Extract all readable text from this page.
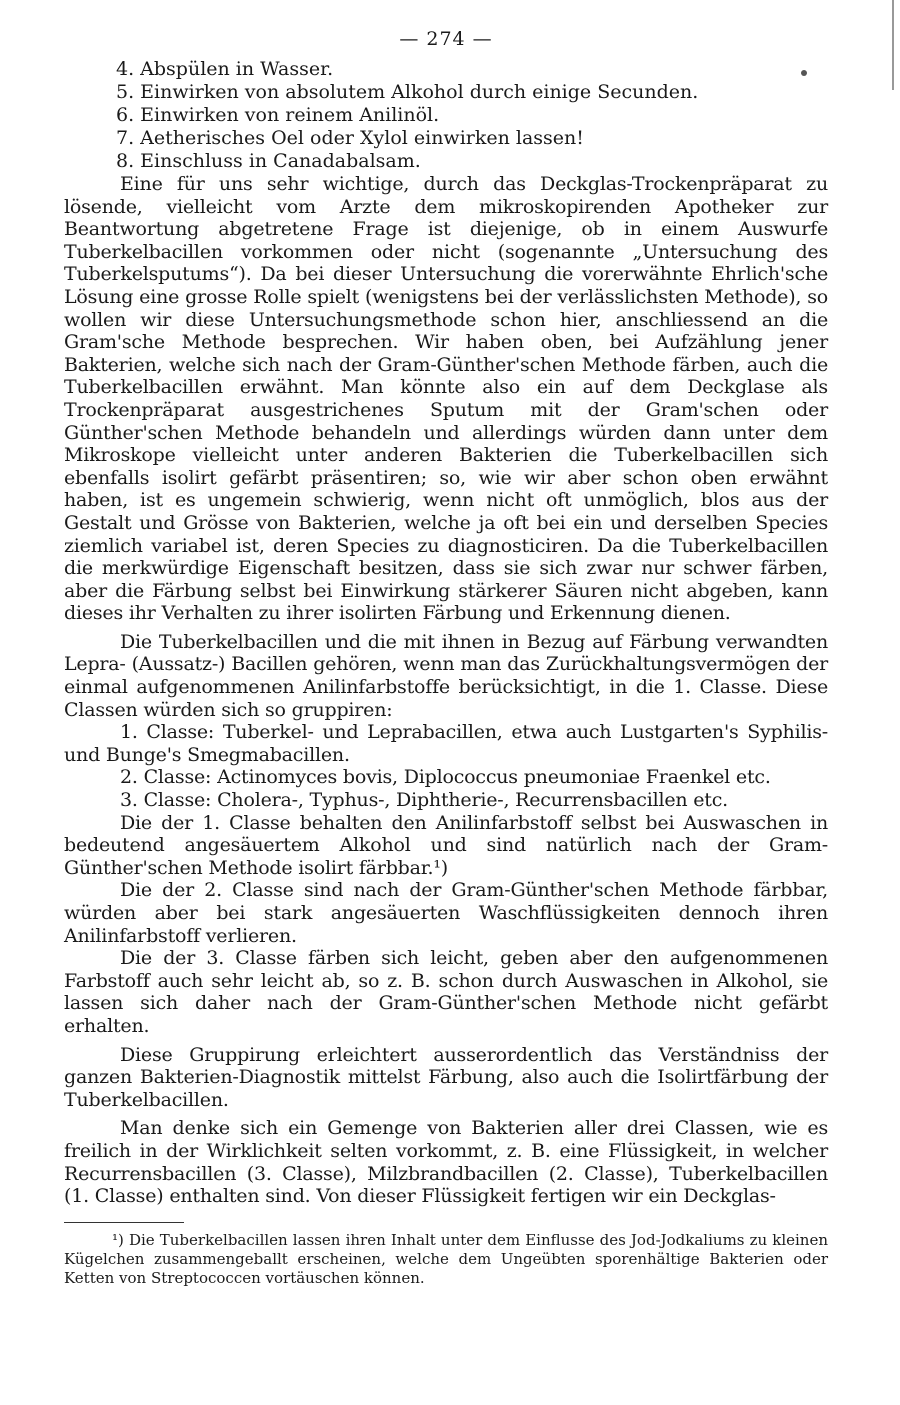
— 274 —
4. Abspülen in Wasser.
5. Einwirken von absolutem Alkohol durch einige Secunden.
6. Einwirken von reinem Anilinöl.
7. Aetherisches Oel oder Xylol einwirken lassen!
8. Einschluss in Canadabalsam.

Eine für uns sehr wichtige, durch das Deckglas-Trockenpräparat zu lösende, vielleicht vom Arzte dem mikroskopirenden Apotheker zur Beantwortung abgetretene Frage ist diejenige, ob in einem Auswurfe Tuberkelbacillen vorkommen oder nicht (sogenannte „Untersuchung des Tuberkelsputums“). Da bei dieser Untersuchung die vorerwähnte Ehrlich'sche Lösung eine grosse Rolle spielt (wenigstens bei der verlässlichsten Methode), so wollen wir diese Untersuchungsmethode schon hier, anschliessend an die Gram'sche Methode besprechen. Wir haben oben, bei Aufzählung jener Bakterien, welche sich nach der Gram-Günther'schen Methode färben, auch die Tuberkelbacillen erwähnt. Man könnte also ein auf dem Deckglase als Trockenpräparat ausgestrichenes Sputum mit der Gram'schen oder Günther'schen Methode behandeln und allerdings würden dann unter dem Mikroskope vielleicht unter anderen Bakterien die Tuberkelbacillen sich ebenfalls isolirt gefärbt präsentiren; so, wie wir aber schon oben erwähnt haben, ist es ungemein schwierig, wenn nicht oft unmöglich, blos aus der Gestalt und Grösse von Bakterien, welche ja oft bei ein und derselben Species ziemlich variabel ist, deren Species zu diagnosticiren. Da die Tuberkelbacillen die merkwürdige Eigenschaft besitzen, dass sie sich zwar nur schwer färben, aber die Färbung selbst bei Einwirkung stärkerer Säuren nicht abgeben, kann dieses ihr Verhalten zu ihrer isolirten Färbung und Erkennung dienen.

Die Tuberkelbacillen und die mit ihnen in Bezug auf Färbung verwandten Lepra- (Aussatz-) Bacillen gehören, wenn man das Zurückhaltungsvermögen der einmal aufgenommenen Anilinfarbstoffe berücksichtigt, in die 1. Classe. Diese Classen würden sich so gruppiren:

1. Classe: Tuberkel- und Leprabacillen, etwa auch Lustgarten's Syphilis- und Bunge's Smegmabacillen.

2. Classe: Actinomyces bovis, Diplococcus pneumoniae Fraenkel etc.

3. Classe: Cholera-, Typhus-, Diphtherie-, Recurrensbacillen etc.

Die der 1. Classe behalten den Anilinfarbstoff selbst bei Auswaschen in bedeutend angesäuertem Alkohol und sind natürlich nach der Gram-Günther'schen Methode isolirt färbbar.¹)

Die der 2. Classe sind nach der Gram-Günther'schen Methode färbbar, würden aber bei stark angesäuerten Waschflüssigkeiten dennoch ihren Anilinfarbstoff verlieren.

Die der 3. Classe färben sich leicht, geben aber den aufgenommenen Farbstoff auch sehr leicht ab, so z. B. schon durch Auswaschen in Alkohol, sie lassen sich daher nach der Gram-Günther'schen Methode nicht gefärbt erhalten.

Diese Gruppirung erleichtert ausserordentlich das Verständniss der ganzen Bakterien-Diagnostik mittelst Färbung, also auch die Isolirtfärbung der Tuberkelbacillen.

Man denke sich ein Gemenge von Bakterien aller drei Classen, wie es freilich in der Wirklichkeit selten vorkommt, z. B. eine Flüssigkeit, in welcher Recurrensbacillen (3. Classe), Milzbrandbacillen (2. Classe), Tuberkelbacillen (1. Classe) enthalten sind. Von dieser Flüssigkeit fertigen wir ein Deckglas-

¹) Die Tuberkelbacillen lassen ihren Inhalt unter dem Einflusse des Jod-Jodkaliums zu kleinen Kügelchen zusammengeballt erscheinen, welche dem Ungeübten sporenhältige Bakterien oder Ketten von Streptococcen vortäuschen können.
